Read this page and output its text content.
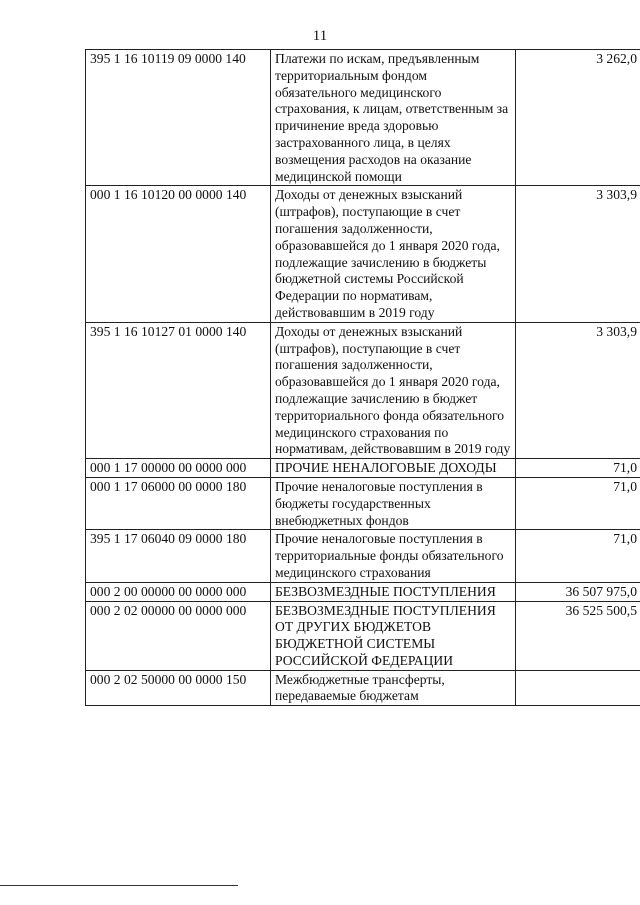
11
395 1 16 10119 09 0000 140	Платежи по искам, предъявленным территориальным фондом обязательного медицинского страхования, к лицам, ответственным за причинение вреда здоровью застрахованного лица, в целях возмещения расходов на оказание медицинской помощи	3 262,0
000 1 16 10120 00 0000 140	Доходы от денежных взысканий (штрафов), поступающие в счет погашения задолженности, образовавшейся до 1 января 2020 года, подлежащие зачислению в бюджеты бюджетной системы Российской Федерации по нормативам, действовавшим в 2019 году	3 303,9
395 1 16 10127 01 0000 140	Доходы от денежных взысканий (штрафов), поступающие в счет погашения задолженности, образовавшейся до 1 января 2020 года, подлежащие зачислению в бюджет территориального фонда обязательного медицинского страхования по нормативам, действовавшим в 2019 году	3 303,9
000 1 17 00000 00 0000 000	ПРОЧИЕ НЕНАЛОГОВЫЕ ДОХОДЫ	71,0
000 1 17 06000 00 0000 180	Прочие неналоговые поступления в бюджеты государственных внебюджетных фондов	71,0
395 1 17 06040 09 0000 180	Прочие неналоговые поступления в территориальные фонды обязательного медицинского страхования	71,0
000 2 00 00000 00 0000 000	БЕЗВОЗМЕЗДНЫЕ ПОСТУПЛЕНИЯ	36 507 975,0
000 2 02 00000 00 0000 000	БЕЗВОЗМЕЗДНЫЕ ПОСТУПЛЕНИЯ ОТ ДРУГИХ БЮДЖЕТОВ БЮДЖЕТНОЙ СИСТЕМЫ РОССИЙСКОЙ ФЕДЕРАЦИИ	36 525 500,5
000 2 02 50000 00 0000 150	Межбюджетные трансферты, передаваемые бюджетам	
